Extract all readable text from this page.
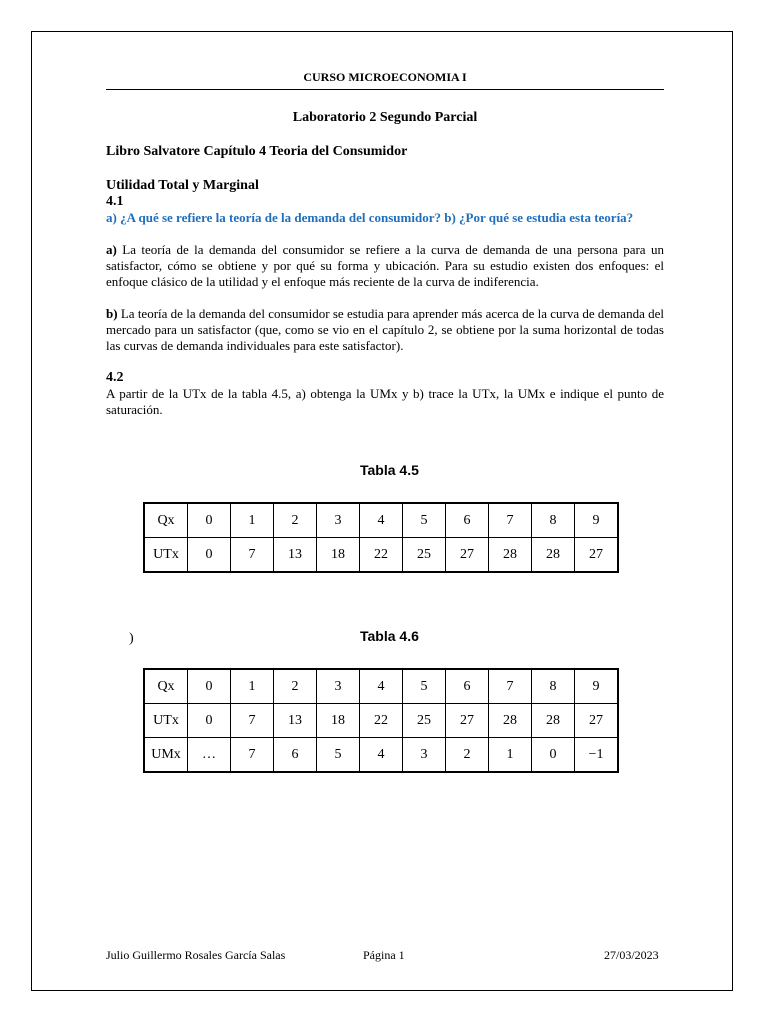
CURSO MICROECONOMIA I
Laboratorio 2 Segundo Parcial
Libro Salvatore Capítulo 4 Teoria del Consumidor
Utilidad Total y Marginal
4.1
a) ¿A qué se refiere la teoría de la demanda del consumidor? b) ¿Por qué se estudia esta teoría?

a) La teoría de la demanda del consumidor se refiere a la curva de demanda de una persona para un satisfactor, cómo se obtiene y por qué su forma y ubicación. Para su estudio existen dos enfoques: el enfoque clásico de la utilidad y el enfoque más reciente de la curva de indiferencia.

b) La teoría de la demanda del consumidor se estudia para aprender más acerca de la curva de demanda del mercado para un satisfactor (que, como se vio en el capítulo 2, se obtiene por la suma horizontal de todas las curvas de demanda individuales para este satisfactor).

4.2
A partir de la UTx de la tabla 4.5, a) obtenga la UMx y b) trace la UTx, la UMx e indique el punto de saturación.
Tabla 4.5
Qx	0	1	2	3	4	5	6	7	8	9
UTx	0	7	13	18	22	25	27	28	28	27
)	Tabla 4.6
Qx	0	1	2	3	4	5	6	7	8	9
UTx	0	7	13	18	22	25	27	28	28	27
UMx	…	7	6	5	4	3	2	1	0	−1
Julio Guillermo Rosales García Salas	Página 1	27/03/2023
